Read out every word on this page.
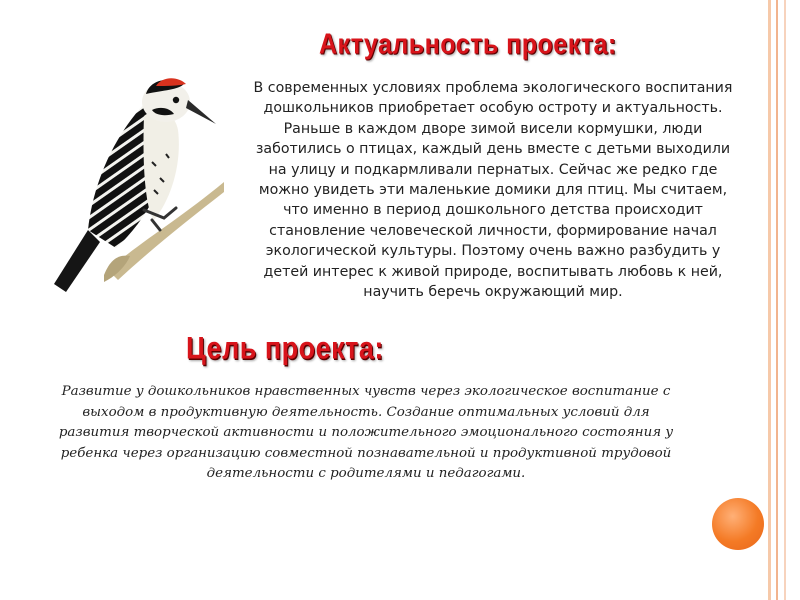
Актуальность проекта:

В современных условиях проблема экологического воспитания дошкольников приобретает особую остроту и актуальность. Раньше в каждом дворе зимой висели кормушки, люди заботились о птицах, каждый день вместе с детьми выходили на улицу и подкармливали пернатых. Сейчас же редко где можно увидеть эти маленькие домики для птиц. Мы считаем, что именно в период дошкольного детства происходит становление человеческой личности, формирование начал экологической культуры. Поэтому очень важно разбудить у детей интерес к живой природе, воспитывать любовь к ней, научить беречь окружающий мир.

Цель проекта:

Развитие у дошкольников нравственных чувств через экологическое воспитание с выходом в продуктивную деятельность. Создание оптимальных условий для развития творческой активности и положительного эмоционального состояния у ребенка через организацию совместной познавательной и продуктивной трудовой деятельности с родителями и педагогами.
